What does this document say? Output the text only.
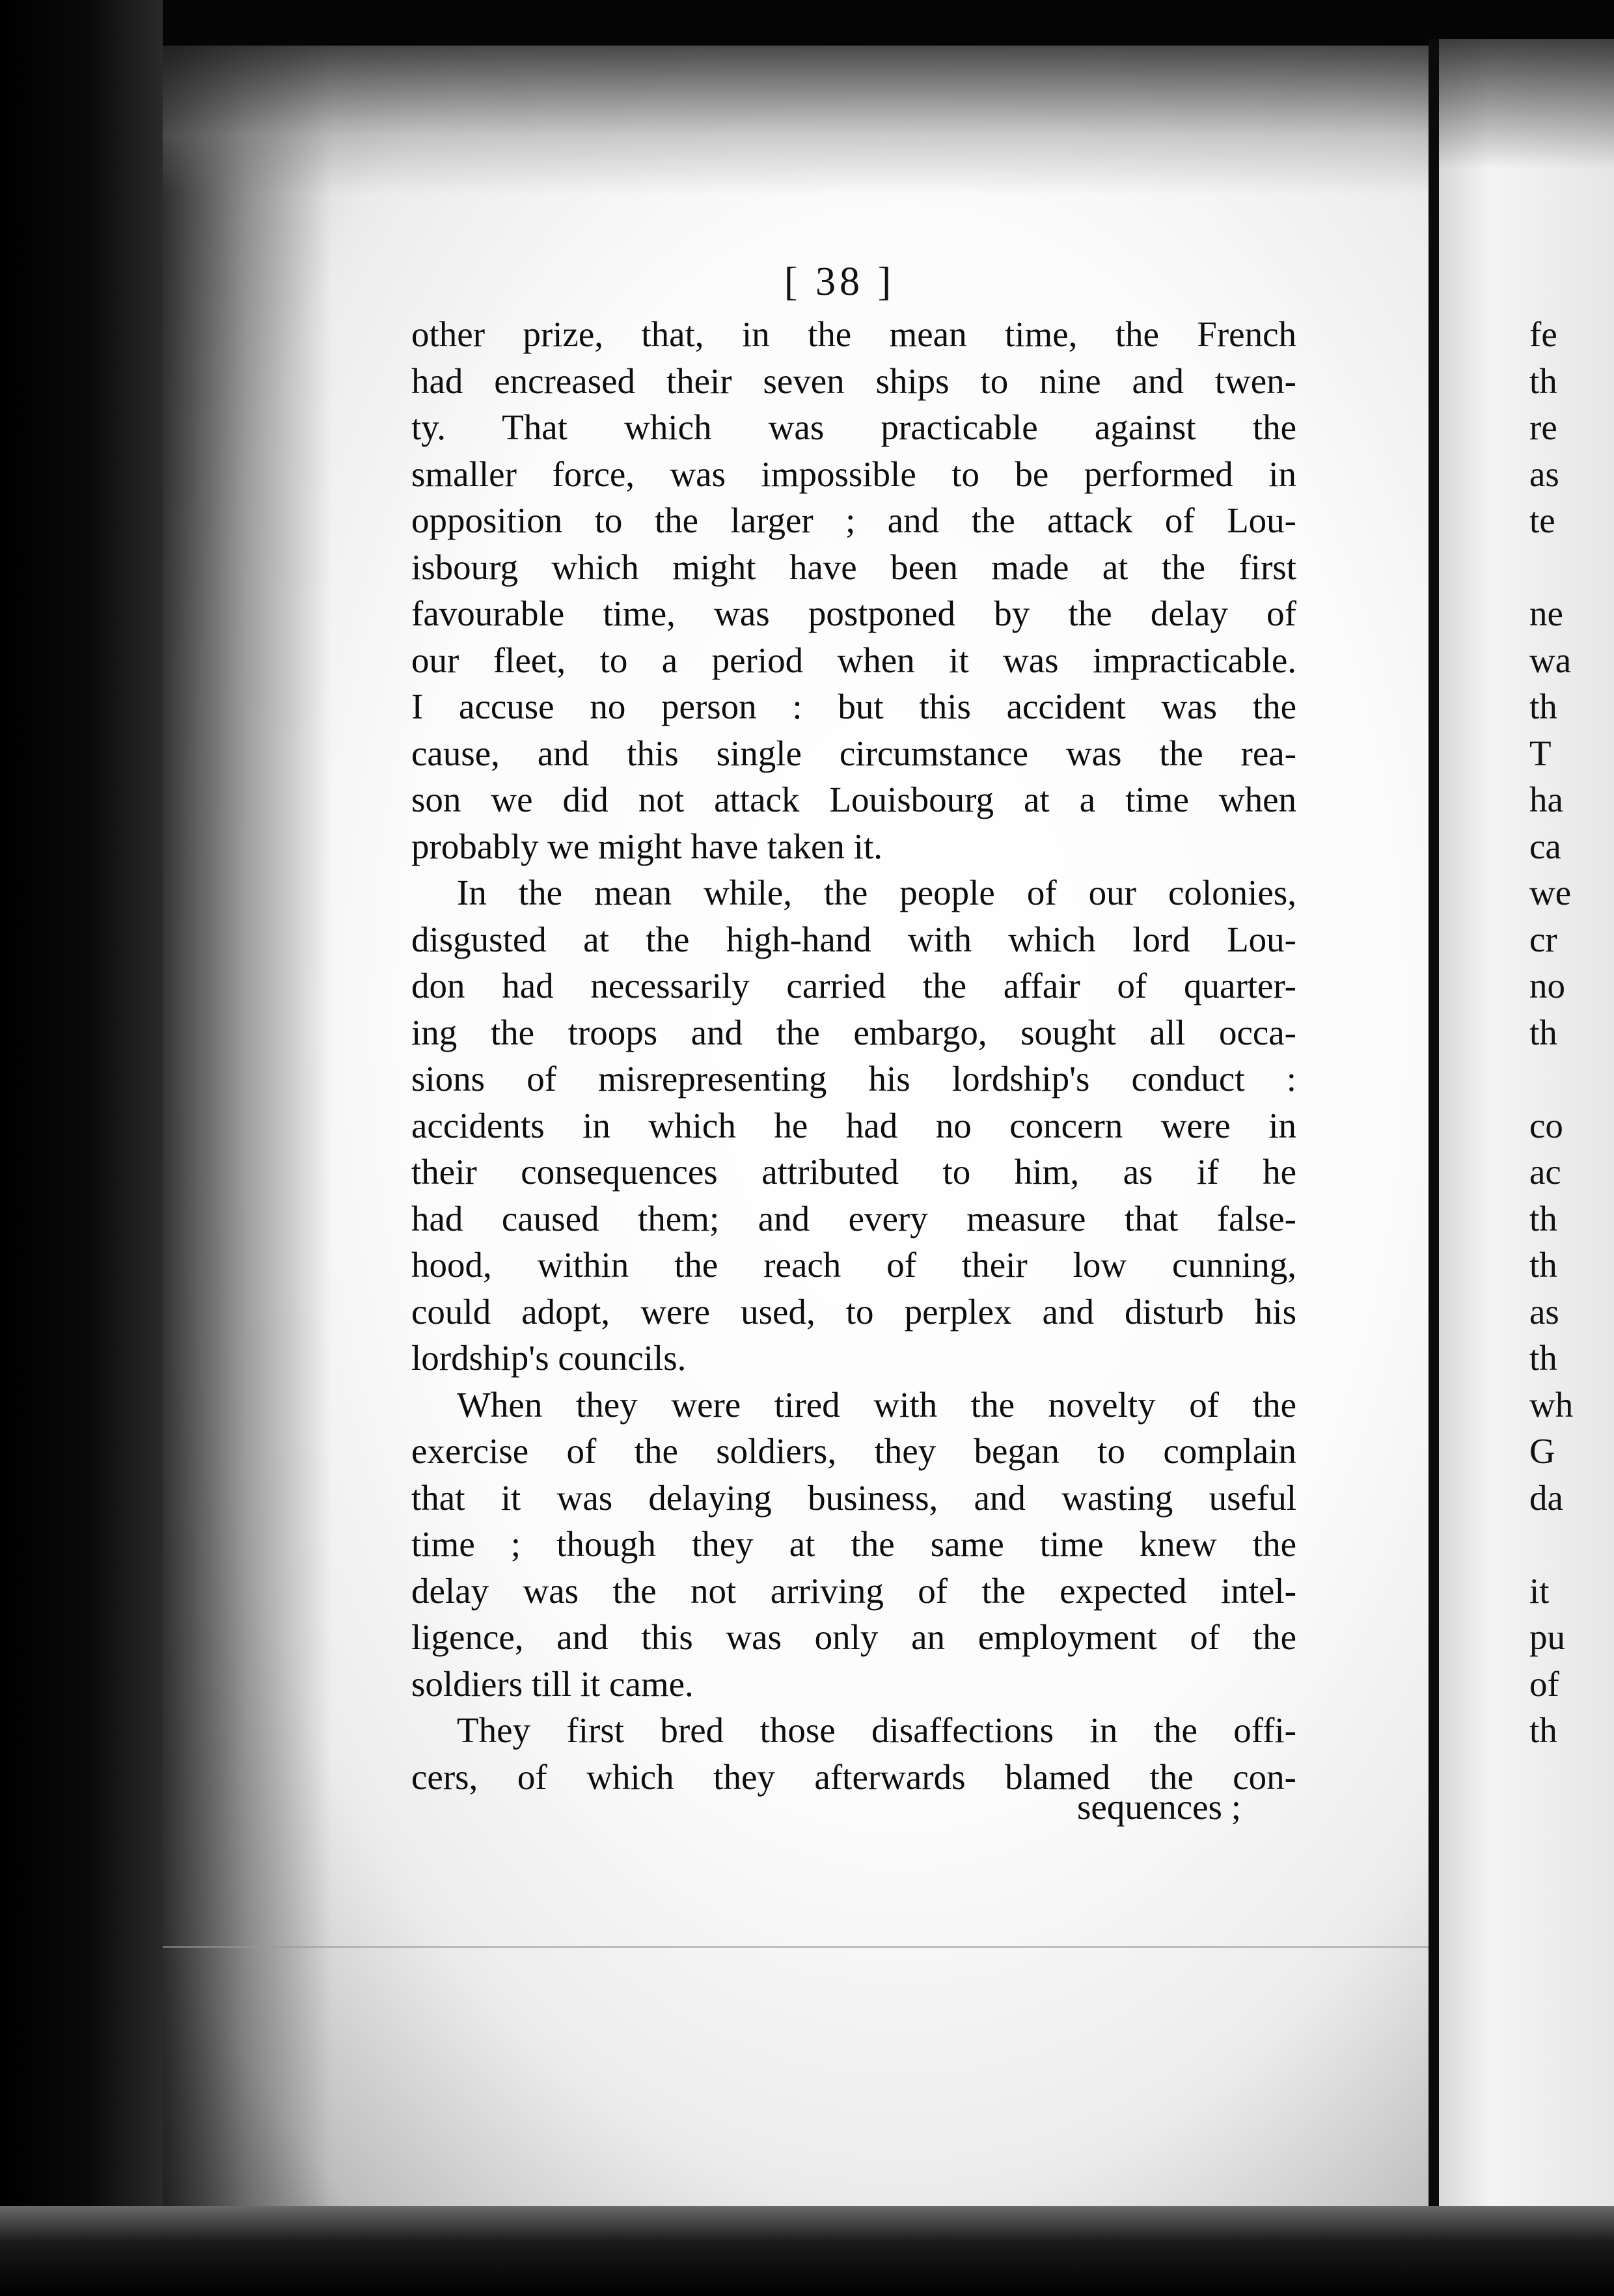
[ 38 ]
other prize, that, in the mean time, the French
had encreased their seven ships to nine and twen-
ty. That which was practicable against the
smaller force, was impossible to be performed in
opposition to the larger ; and the attack of Lou-
isbourg which might have been made at the first
favourable time, was postponed by the delay of
our fleet, to a period when it was impracticable.
I accuse no person : but this accident was the
cause, and this single circumstance was the rea-
son we did not attack Louisbourg at a time when
probably we might have taken it.
In the mean while, the people of our colonies,
disgusted at the high-hand with which lord Lou-
don had necessarily carried the affair of quarter-
ing the troops and the embargo, sought all occa-
sions of misrepresenting his lordship's conduct :
accidents in which he had no concern were in
their consequences attributed to him, as if he
had caused them; and every measure that false-
hood, within the reach of their low cunning,
could adopt, were used, to perplex and disturb his
lordship's councils.
When they were tired with the novelty of the
exercise of the soldiers, they began to complain
that it was delaying business, and wasting useful
time ; though they at the same time knew the
delay was the not arriving of the expected intel-
ligence, and this was only an employment of the
soldiers till it came.
They first bred those disaffections in the offi-
cers, of which they afterwards blamed the con-
sequences ;
fe
th
re
as
te
ne
wa
th
T
ha
ca
we
cr
no
th
co
ac
th
th
as
th
wh
G
da
it
pu
of
th
